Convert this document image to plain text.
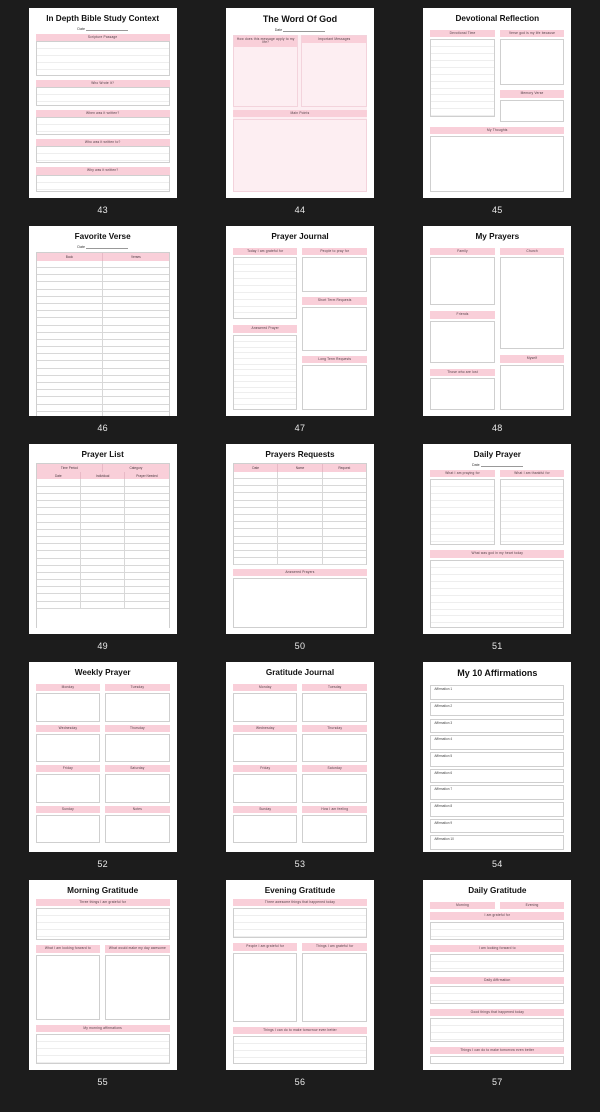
In Depth Bible Study Context
Date
Scripture Passage
Who Wrote It?
When was it written?
Who was it written to?
Why was it written?
43
The Word Of God
Date
How does this message apply to my life?
Important Messages
Main Points
44
Devotional Reflection
Devotional Time	Verse god is my life because
Memory Verse
My Thoughts
45
Favorite Verse
Date
Book	Verses
46
Prayer Journal
Today I am grateful for
Answered Prayer
People to pray for
Short Term Requests
Long Term Requests
47
My Prayers
Family
Friends
Those who are lost
Church
Myself
48
Prayer List
Time Period	Category
Date	Individual	Prayer Needed
49
Prayers Requests
Date	Name	Request
Answered Prayers
50
Daily Prayer
Date
What I am praying for	What I am thankful for
What was god in my heart today
51
Weekly Prayer
Monday	Tuesday
Wednesday	Thursday
Friday	Saturday
Sunday	Notes
52
Gratitude Journal
Monday	Tuesday
Wednesday	Thursday
Friday	Saturday
Sunday	How I am feeling
53
My 10 Affirmations
Affirmation 1
Affirmation 2
Affirmation 3
Affirmation 4
Affirmation 5
Affirmation 6
Affirmation 7
Affirmation 8
Affirmation 9
Affirmation 10
54
Morning Gratitude
Three things I am grateful for
What I am looking forward to	What would make my day awesome
My morning affirmations
55
Evening Gratitude
Three awesome things that happened today
People I am grateful for	Things I am grateful for
Things I can do to make tomorrow even better
56
Daily Gratitude
Morning	Evening
I am grateful for
I am looking forward to
Daily Affirmation
Good things that happened today
Things I can do to make tomorrow even better
57
